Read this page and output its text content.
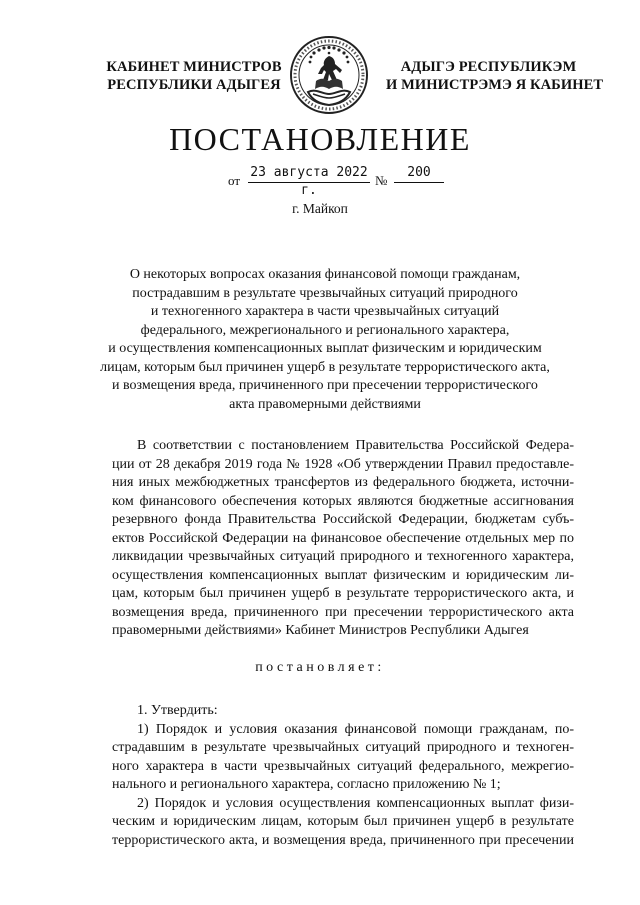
КАБИНЕТ МИНИСТРОВ
РЕСПУБЛИКИ АДЫГЕЯ
АДЫГЭ РЕСПУБЛИКЭМ
И МИНИСТРЭМЭ Я КАБИНЕТ
ПОСТАНОВЛЕНИЕ
от
23 августа 2022 г.
№
200
г. Майкоп
О некоторых вопросах оказания финансовой помощи гражданам,
пострадавшим в результате чрезвычайных ситуаций природного
и техногенного характера в части чрезвычайных ситуаций
федерального, межрегионального и регионального характера,
и осуществления компенсационных выплат физическим и юридическим
лицам, которым был причинен ущерб в результате террористического акта,
и возмещения вреда, причиненного при пресечении террористического
акта правомерными действиями
В соответствии с постановлением Правительства Российской Федера-
ции от 28 декабря 2019 года № 1928 «Об утверждении Правил предоставле-
ния иных межбюджетных трансфертов из федерального бюджета, источни-
ком финансового обеспечения которых являются бюджетные ассигнования
резервного фонда Правительства Российской Федерации, бюджетам субъ-
ектов Российской Федерации на финансовое обеспечение отдельных мер по
ликвидации чрезвычайных ситуаций природного и техногенного характера,
осуществления компенсационных выплат физическим и юридическим ли-
цам, которым был причинен ущерб в результате террористического акта, и
возмещения вреда, причиненного при пресечении террористического акта
правомерными действиями» Кабинет Министров Республики Адыгея
постановляет:
1. Утвердить:
1) Порядок и условия оказания финансовой помощи гражданам, по-
страдавшим в результате чрезвычайных ситуаций природного и техноген-
ного характера в части чрезвычайных ситуаций федерального, межрегио-
нального и регионального характера, согласно приложению № 1;
2) Порядок и условия осуществления компенсационных выплат физи-
ческим и юридическим лицам, которым был причинен ущерб в результате
террористического акта, и возмещения вреда, причиненного при пресечении
